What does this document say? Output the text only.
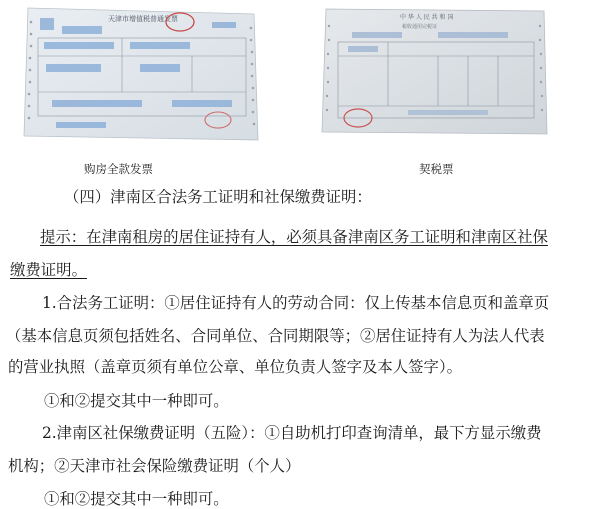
天津市增值税普通发票
购房全款发票
中 华 人 民 共 和 国
税收通用完税证
契税票
（四）津南区合法务工证明和社保缴费证明：
提示：在津南租房的居住证持有人，必须具备津南区务工证明和津南区社保
缴费证明。
1.合法务工证明：①居住证持有人的劳动合同：仅上传基本信息页和盖章页
（基本信息页须包括姓名、合同单位、合同期限等；②居住证持有人为法人代表
的营业执照（盖章页须有单位公章、单位负责人签字及本人签字）。
①和②提交其中一种即可。
2.津南区社保缴费证明（五险）：①自助机打印查询清单，最下方显示缴费
机构；②天津市社会保险缴费证明（个人）
①和②提交其中一种即可。
